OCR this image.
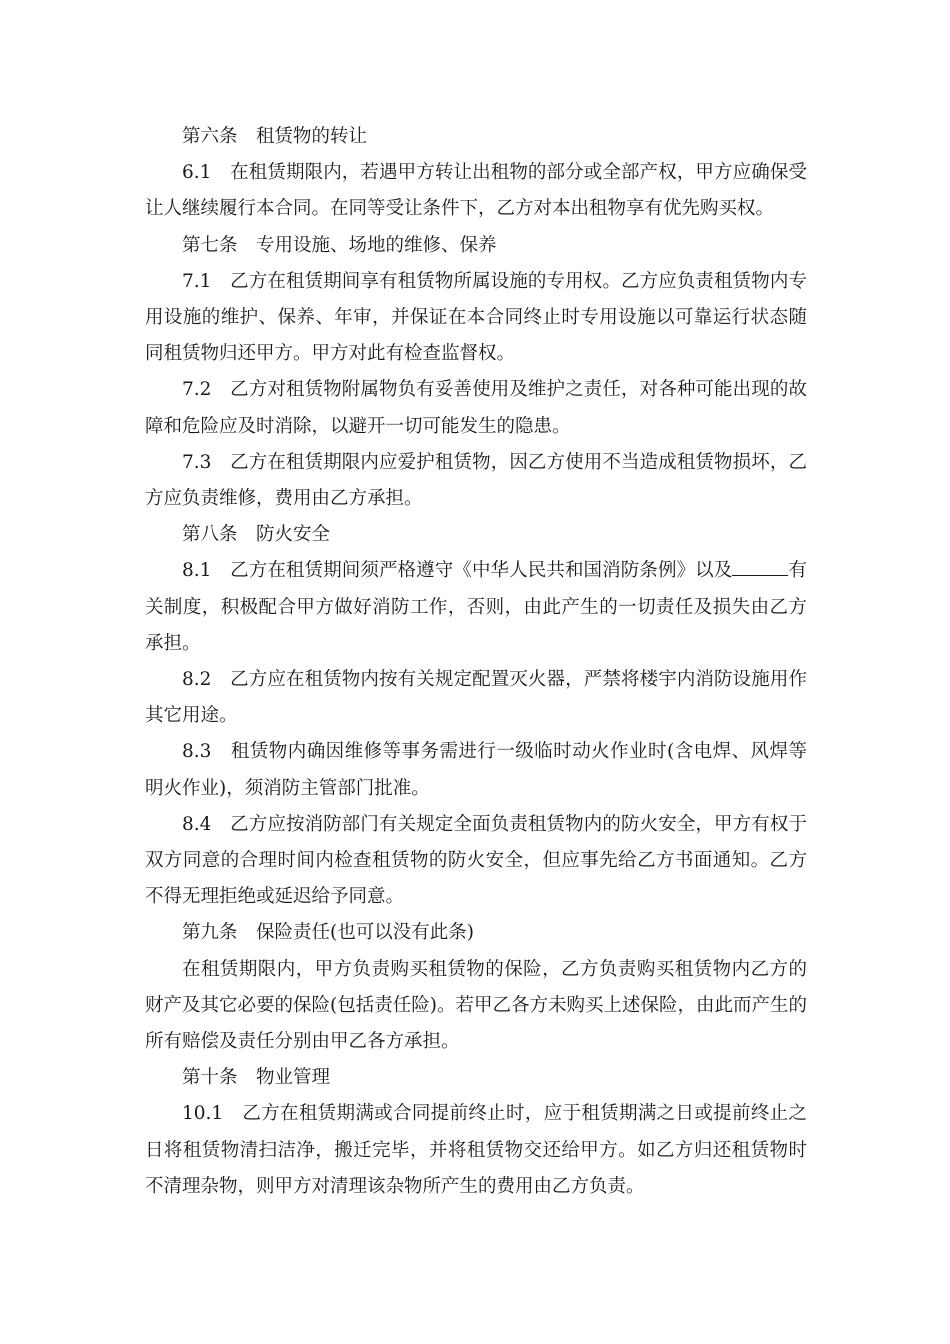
第六条　租赁物的转让

6.1　在租赁期限内，若遇甲方转让出租物的部分或全部产权，甲方应确保受让人继续履行本合同。在同等受让条件下，乙方对本出租物享有优先购买权。

第七条　专用设施、场地的维修、保养

7.1　乙方在租赁期间享有租赁物所属设施的专用权。乙方应负责租赁物内专用设施的维护、保养、年审，并保证在本合同终止时专用设施以可靠运行状态随同租赁物归还甲方。甲方对此有检查监督权。

7.2　乙方对租赁物附属物负有妥善使用及维护之责任，对各种可能出现的故障和危险应及时消除，以避开一切可能发生的隐患。

7.3　乙方在租赁期限内应爱护租赁物，因乙方使用不当造成租赁物损坏，乙方应负责维修，费用由乙方承担。

第八条　防火安全

8.1　乙方在租赁期间须严格遵守《中华人民共和国消防条例》以及	有关制度，积极配合甲方做好消防工作，否则，由此产生的一切责任及损失由乙方承担。

8.2　乙方应在租赁物内按有关规定配置灭火器，严禁将楼宇内消防设施用作其它用途。

8.3　租赁物内确因维修等事务需进行一级临时动火作业时(含电焊、风焊等明火作业)，须消防主管部门批准。

8.4　乙方应按消防部门有关规定全面负责租赁物内的防火安全，甲方有权于双方同意的合理时间内检查租赁物的防火安全，但应事先给乙方书面通知。乙方不得无理拒绝或延迟给予同意。

第九条　保险责任(也可以没有此条)

在租赁期限内，甲方负责购买租赁物的保险，乙方负责购买租赁物内乙方的财产及其它必要的保险(包括责任险)。若甲乙各方未购买上述保险，由此而产生的所有赔偿及责任分别由甲乙各方承担。

第十条　物业管理

10.1　乙方在租赁期满或合同提前终止时，应于租赁期满之日或提前终止之日将租赁物清扫洁净，搬迁完毕，并将租赁物交还给甲方。如乙方归还租赁物时不清理杂物，则甲方对清理该杂物所产生的费用由乙方负责。
